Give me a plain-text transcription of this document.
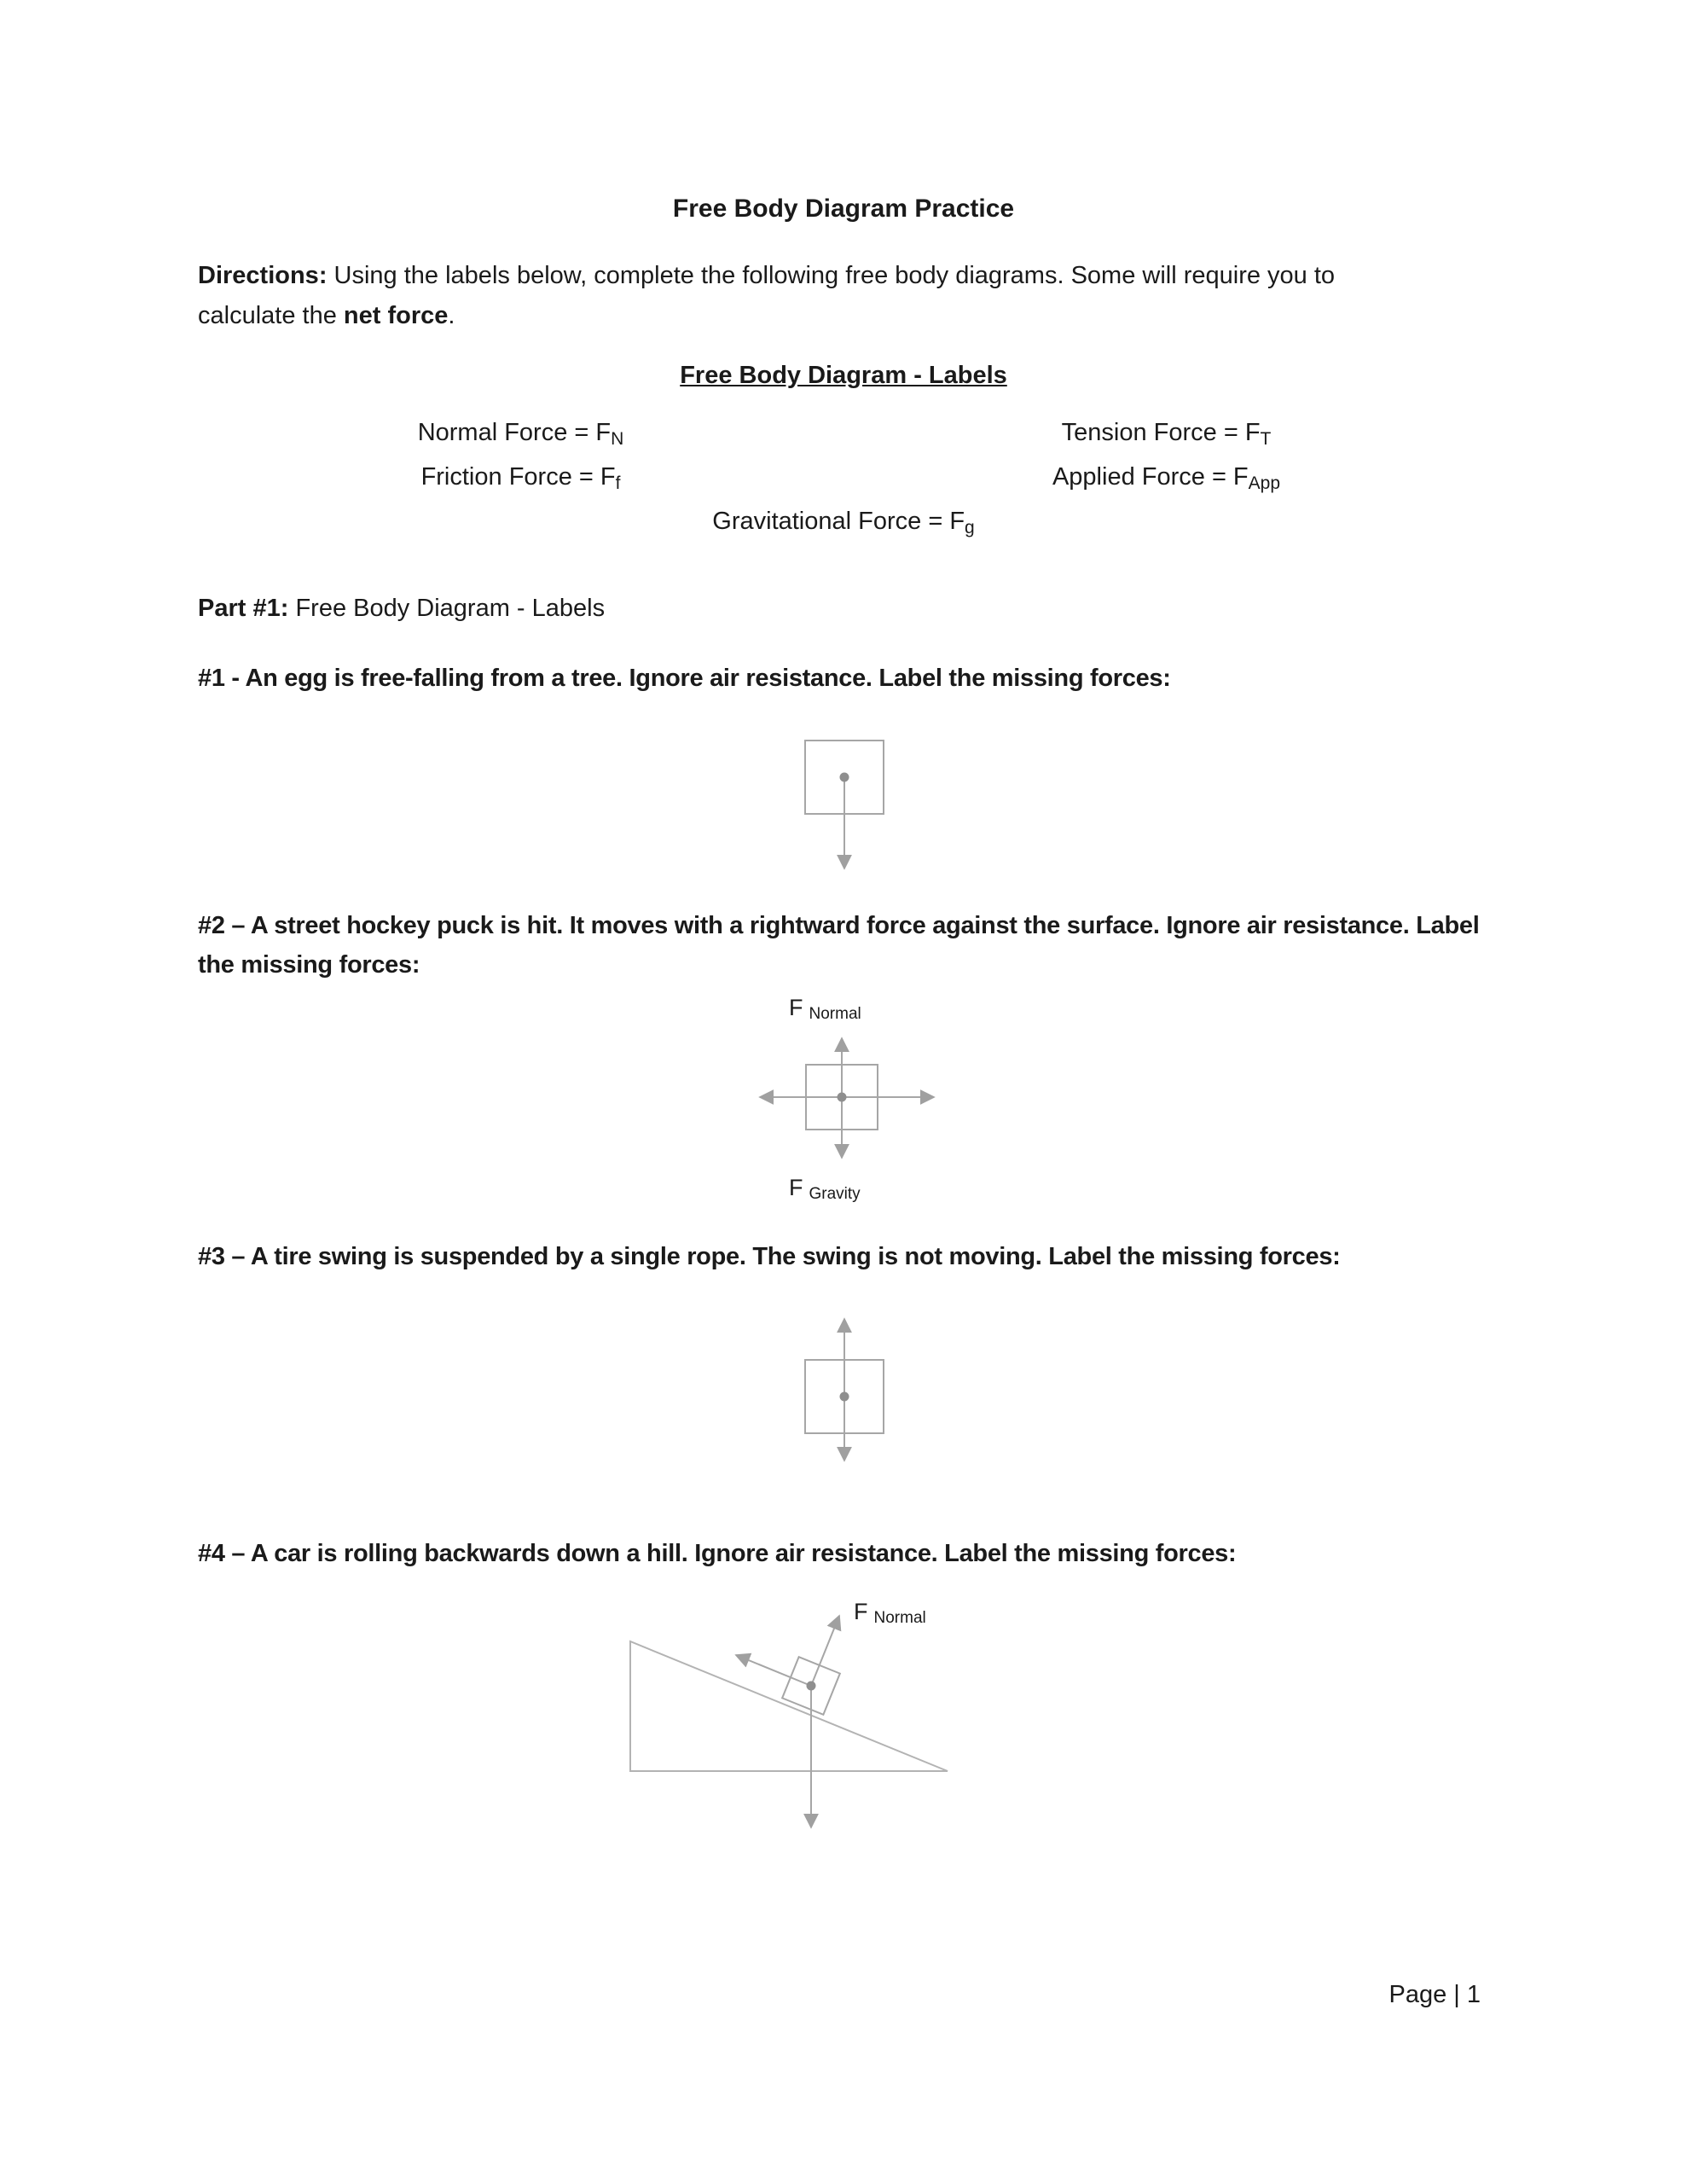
Free Body Diagram Practice

Directions: Using the labels below, complete the following free body diagrams. Some will require you to calculate the net force.

Free Body Diagram - Labels
Normal Force = $F_N$	Tension Force = $F_T$
Friction Force = $F_f$	Applied Force = $F_{App}$
Gravitational Force = $F_g$

Part #1: Free Body Diagram - Labels

#1 - An egg is free-falling from a tree. Ignore air resistance. Label the missing forces:

#2 – A street hockey puck is hit. It moves with a rightward force against the surface. Ignore air resistance. Label the missing forces:

F Normal
F Gravity

#3 – A tire swing is suspended by a single rope. The swing is not moving. Label the missing forces:

#4 – A car is rolling backwards down a hill. Ignore air resistance. Label the missing forces:

F Normal
Page | 1
